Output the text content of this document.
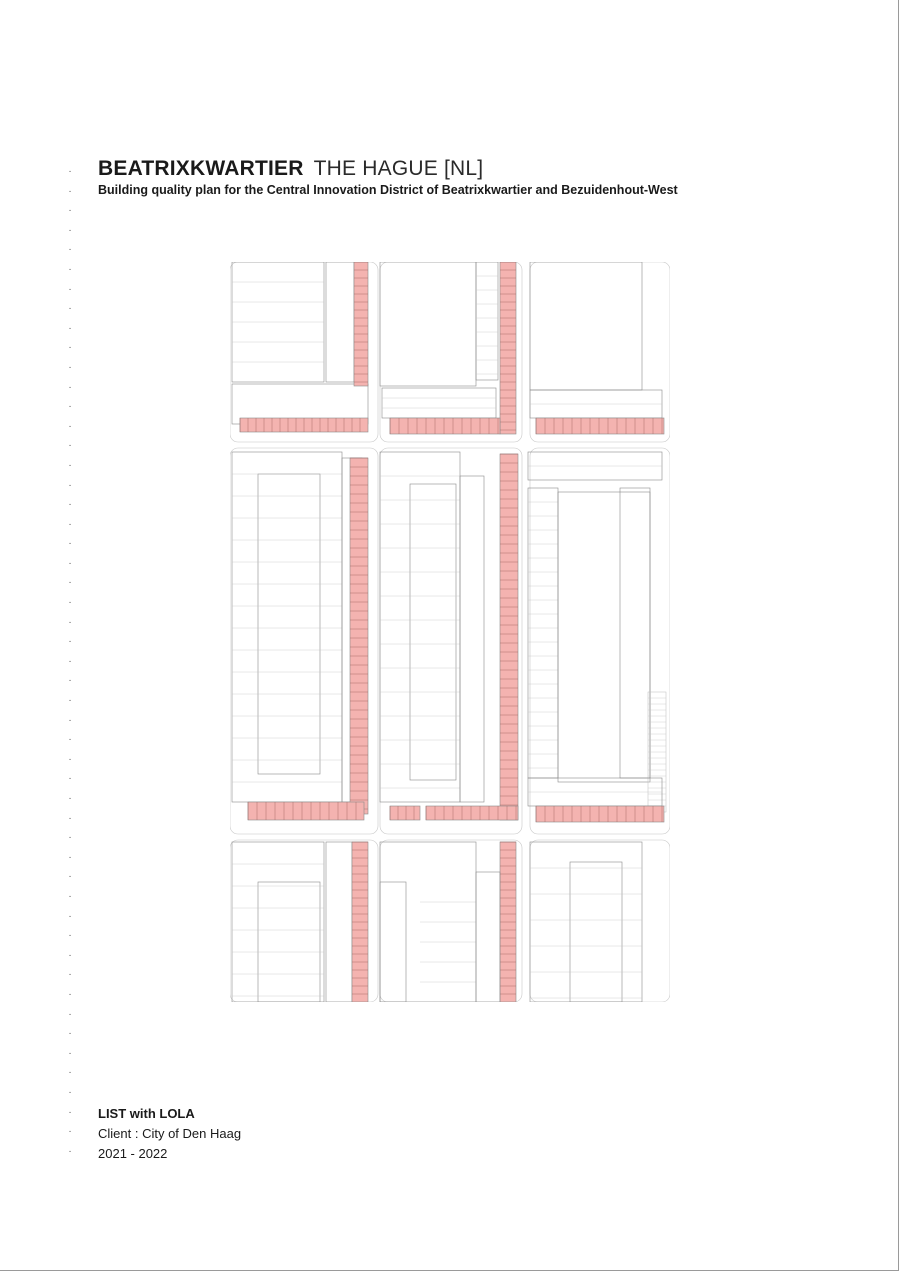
·
·
·
·
·
·
·
·
·
·
·
·
·
·
·
·
·
·
·
·
·
·
·
·
·
·
·
·
·
·
·
·
·
·
·
·
·
·
·
·
·
·
·
·
·
·
·
·
·
·
·
BEATRIXKWARTIER THE HAGUE [NL]
Building quality plan for the Central Innovation District of Beatrixkwartier and Bezuidenhout-West
LIST with LOLA
Client : City of Den Haag
2021 - 2022
